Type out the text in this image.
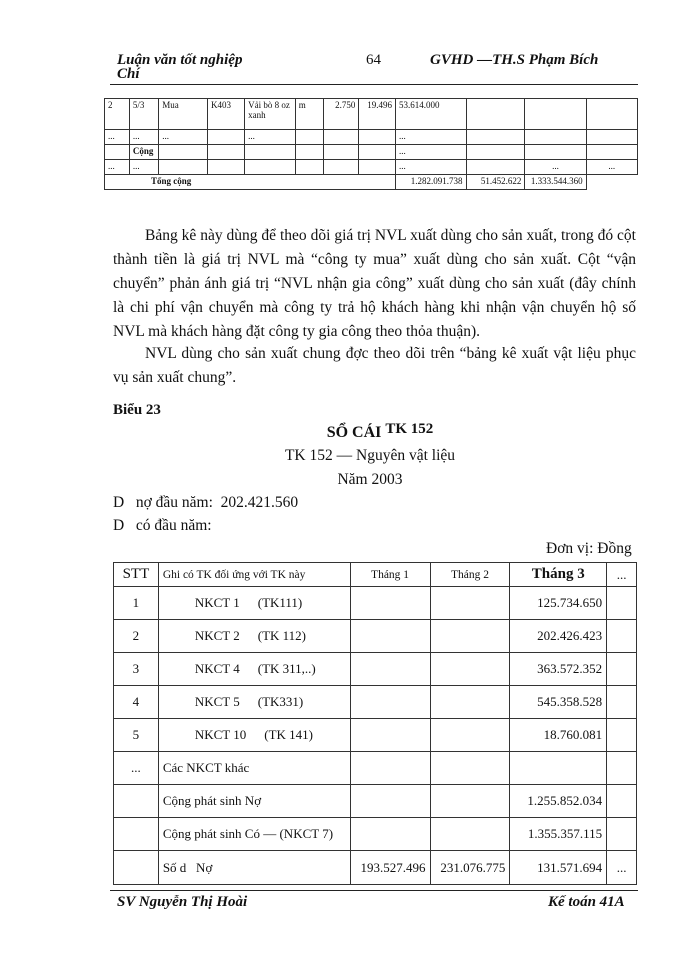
Luận văn tốt nghiệp
Chí
64	GVHD —TH.S Phạm Bích
2	5/3	Mua	K403	Vải bò 8 oz xanh	m	2.750	19.496	53.614.000			
...	...	...		...				...			
	Cộng							...			
...	...							...		...	...
Tổng cộng								1.282.091.738	51.452.622	1.333.544.360	
Bảng kê này dùng để theo dõi giá trị NVL xuất dùng cho sản xuất, trong đó cột thành tiền là giá trị NVL mà “công ty mua” xuất dùng cho sản xuất. Cột “vận chuyển” phản ánh giá trị “NVL nhận gia công” xuất dùng cho sản xuất (đây chính là chi phí vận chuyển mà công ty trả hộ khách hàng khi nhận vận chuyển hộ số NVL mà khách hàng đặt công ty gia công theo thỏa thuận).
NVL dùng cho sản xuất chung đợc theo dõi trên “bảng kê xuất vật liệu phục vụ sản xuất chung”.
Biểu 23
SỔ CÁI TK 152
TK 152 — Nguyên vật liệu
Năm 2003
D   nợ đầu năm:  202.421.560
D   có đầu năm:
Đơn vị: Đồng
STT	Ghi có TK đối ứng với TK này	Tháng 1	Tháng 2	Tháng 3	...
1	NKCT 1 (TK111)			125.734.650	
2	NKCT 2 (TK 112)			202.426.423	
3	NKCT 4 (TK 311,..)			363.572.352	
4	NKCT 5 (TK331)			545.358.528	
5	NKCT 10 (TK 141)			18.760.081	
...	Các NKCT khác				
	Cộng phát sinh Nợ			1.255.852.034	
	Cộng phát sinh Có — (NKCT 7)			1.355.357.115	
	Số d   Nợ	193.527.496	231.076.775	131.571.694	...
SV Nguyễn Thị Hoài	Kế toán 41A
